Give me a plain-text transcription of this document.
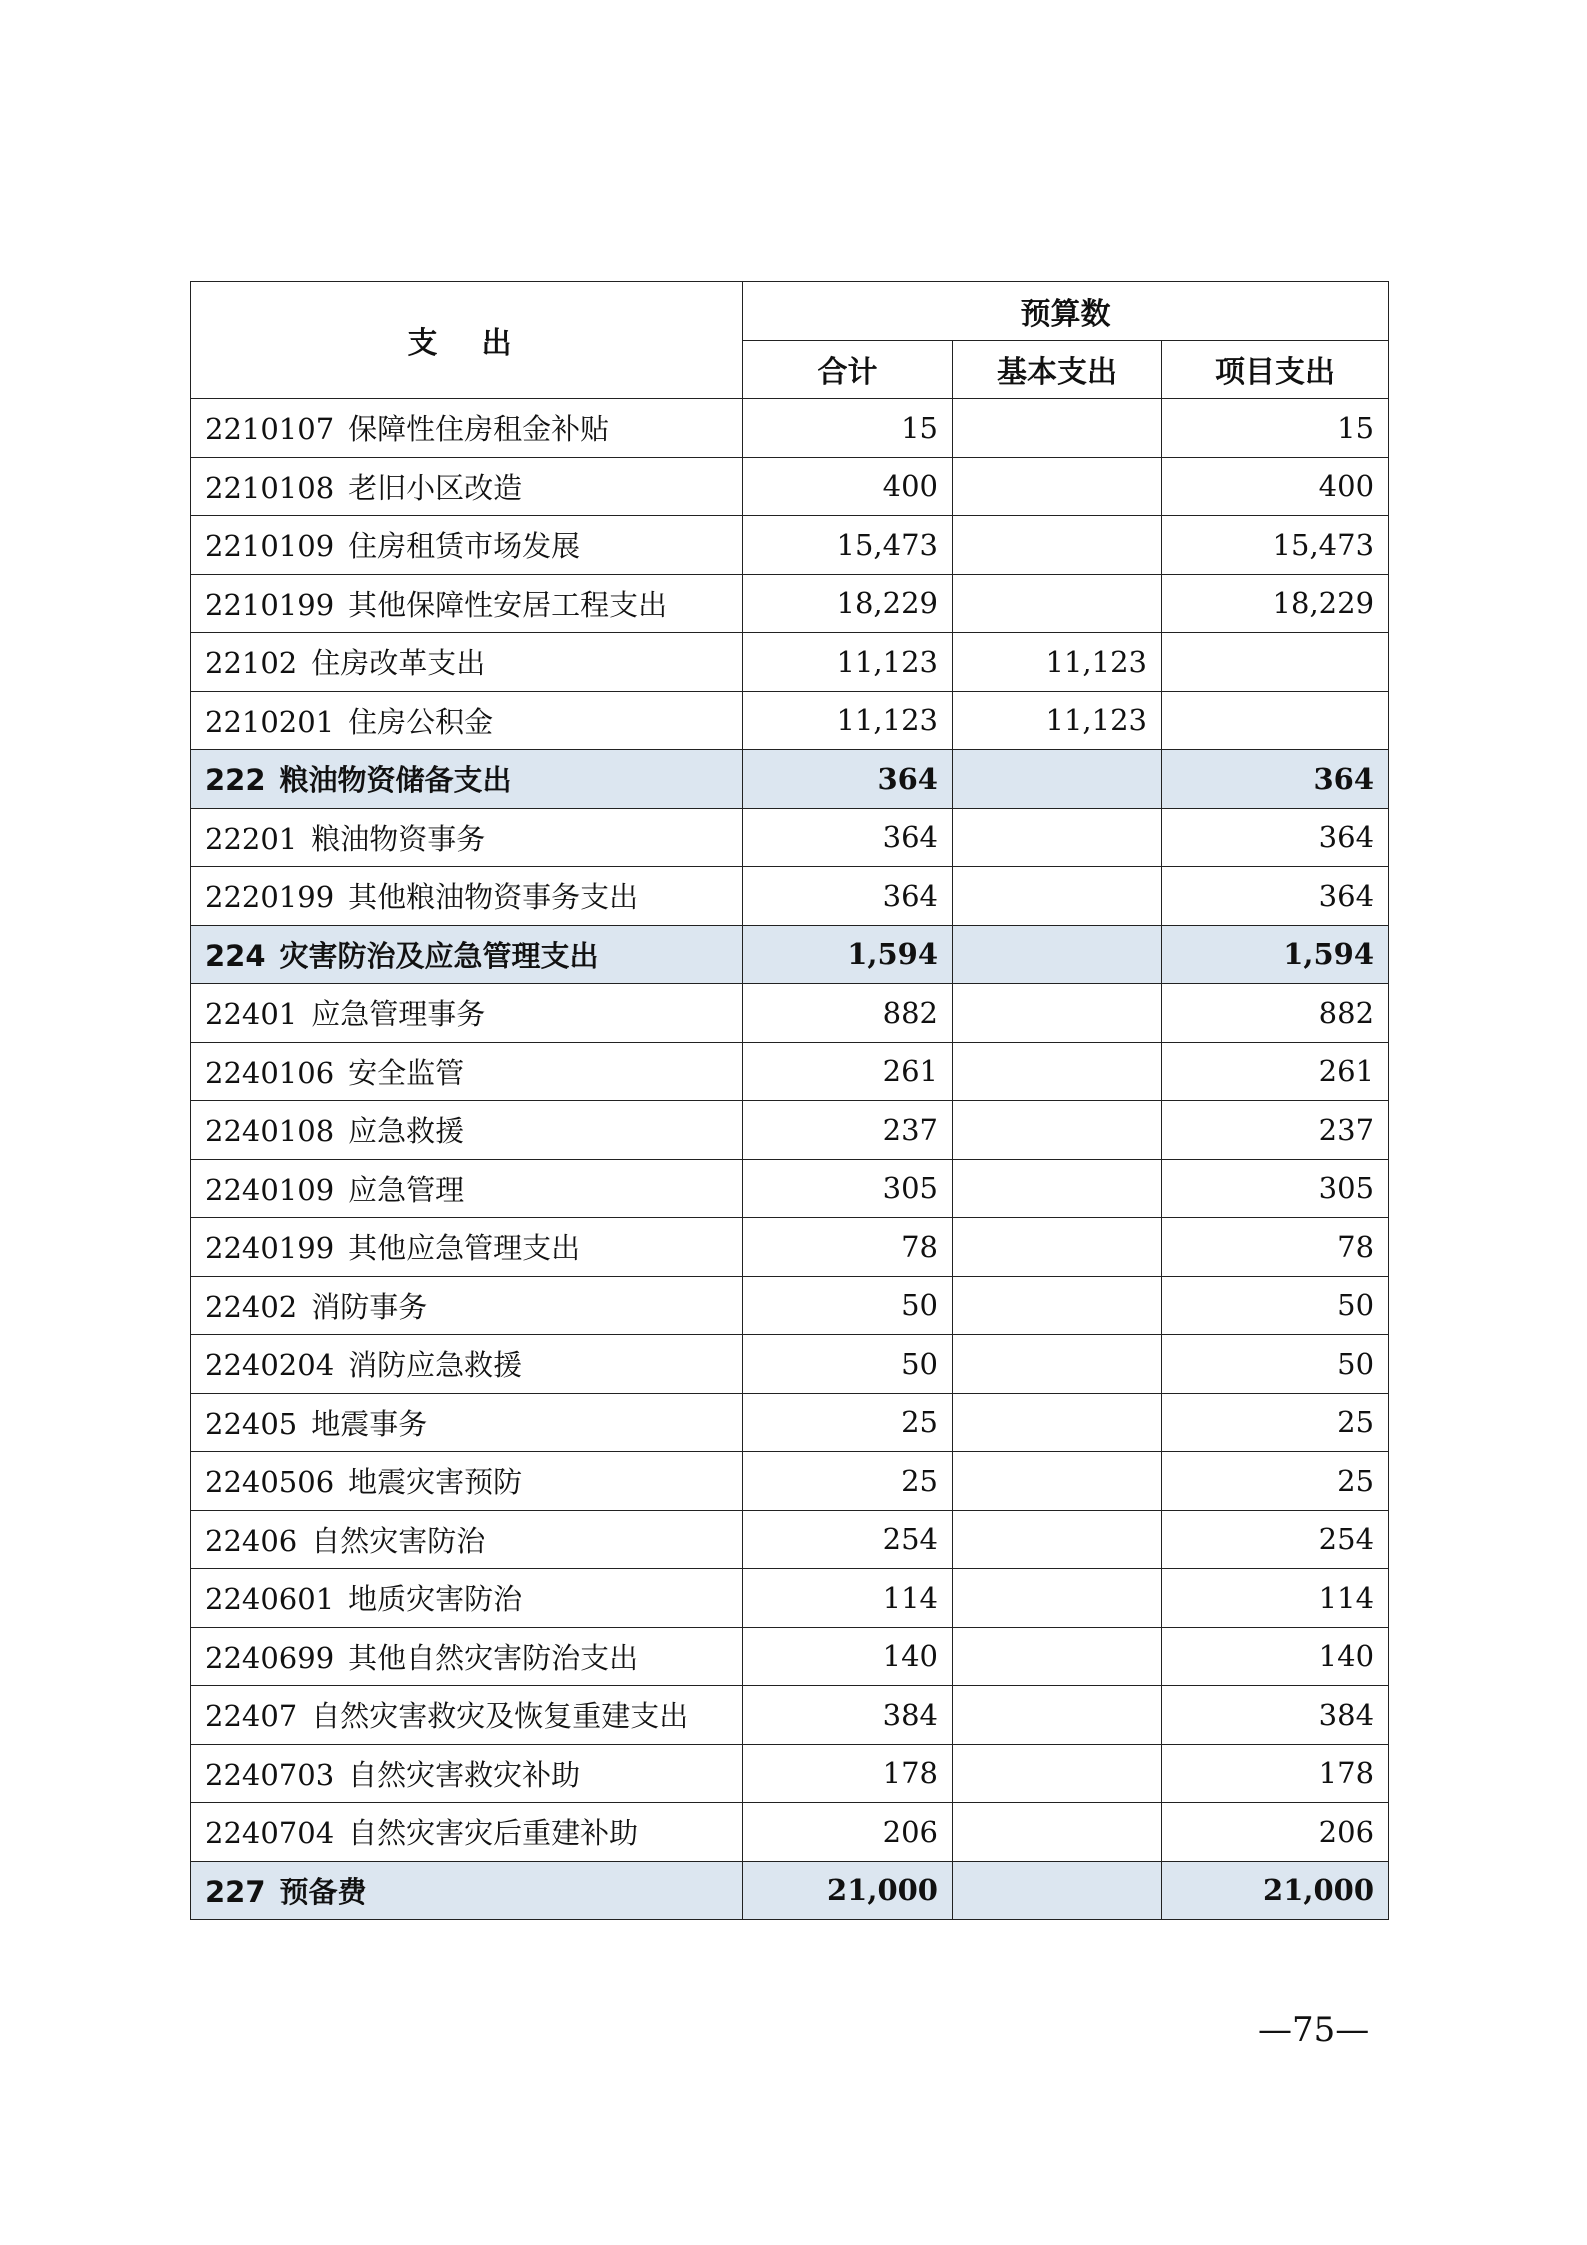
支出	预算数		
	合计	基本支出	项目支出
2210107 保障性住房租金补贴	15		15
2210108 老旧小区改造	400		400
2210109 住房租赁市场发展	15,473		15,473
2210199 其他保障性安居工程支出	18,229		18,229
22102 住房改革支出	11,123	11,123	
2210201 住房公积金	11,123	11,123	
222 粮油物资储备支出	364		364
22201 粮油物资事务	364		364
2220199 其他粮油物资事务支出	364		364
224 灾害防治及应急管理支出	1,594		1,594
22401 应急管理事务	882		882
2240106 安全监管	261		261
2240108 应急救援	237		237
2240109 应急管理	305		305
2240199 其他应急管理支出	78		78
22402 消防事务	50		50
2240204 消防应急救援	50		50
22405 地震事务	25		25
2240506 地震灾害预防	25		25
22406 自然灾害防治	254		254
2240601 地质灾害防治	114		114
2240699 其他自然灾害防治支出	140		140
22407 自然灾害救灾及恢复重建支出	384		384
2240703 自然灾害救灾补助	178		178
2240704 自然灾害灾后重建补助	206		206
227 预备费	21,000		21,000
—75—
